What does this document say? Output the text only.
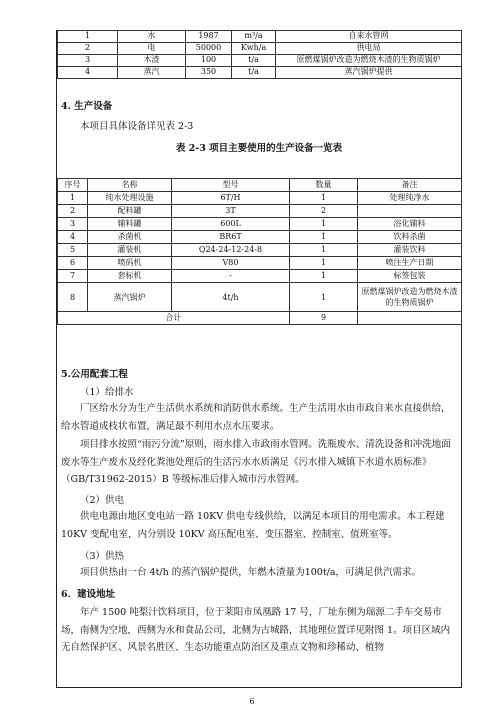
1	水	1987	m³/a	自来水管网
2	电	50000	Kwh/a	供电局
3	木渣	100	t/a	原燃煤锅炉改造为燃烧木渣的生物质锅炉
4	蒸汽	350	t/a	蒸汽锅炉提供
4. 生产设备
本项目具体设备详见表 2-3
表 2-3 项目主要使用的生产设备一览表
序号	名称	型号	数量	备注
1	纯水处理设施	6T/H	1	处理纯净水
2	配料罐	3T	2	
3	辅料罐	600L	1	浴化辅料
4	杀菌机	BR6T	1	饮料杀菌
5	灌装机	Q24-24-12-24-8	1	灌装饮料
6	喷码机	V80	1	喷注生产日期
7	套标机	-	1	标签包装
8	蒸汽锅炉	4t/h	1	原燃煤锅炉改造为燃烧木渣的生物质锅炉
合计			9	
5.公用配套工程
（1）给排水
厂区给水分为生产生活供水系统和消防供水系统。生产生活用水由市政自来水直接供给，给水管道成枝状布置，满足最不利用水点水压要求。
项目排水按照“雨污分流”原则，雨水排入市政雨水管网。洗瓶废水、清洗设备和冲洗地面废水等生产废水及经化粪池处理后的生活污水水质满足《污水排入城镇下水道水质标准》（GB/T31962-2015）B 等级标准后排入城市污水管网。
（2）供电
供电电源由地区变电站一路 10KV 供电专线供给，以满足本项目的用电需求。本工程建 10KV 变配电室，内分别设 10KV 高压配电室、变压器室、控制室、值班室等。
（3）供热
项目供热由一台 4t/h 的蒸汽锅炉提供，年燃木渣量为100t/a，可满足供汽需求。
6．建设地址
年产 1500 吨梨汁饮料项目，位于莱阳市凤凰路 17 号，厂址东侧为瑞源二手车交易市场，南侧为空地，西侧为永和食品公司，北侧为古城路，其地理位置详见附图 1。项目区域内无自然保护区、风景名胜区、生态功能重点防治区及重点文物和珍稀动、植物
6
